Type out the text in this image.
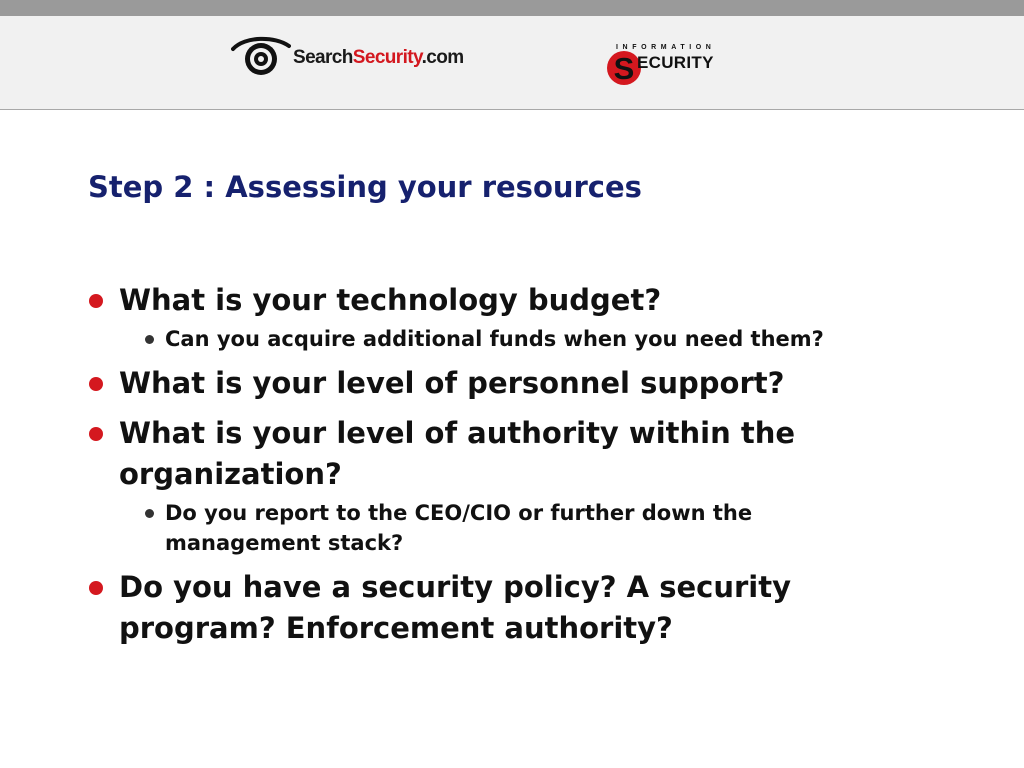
SearchSecurity.com	INFORMATION
S ECURITY
Step 2 : Assessing your resources
What is your technology budget?
Can you acquire additional funds when you need them?
What is your level of personnel support?
What is your level of authority within the organization?
Do you report to the CEO/CIO or further down the management stack?
Do you have a security policy? A security program? Enforcement authority?
